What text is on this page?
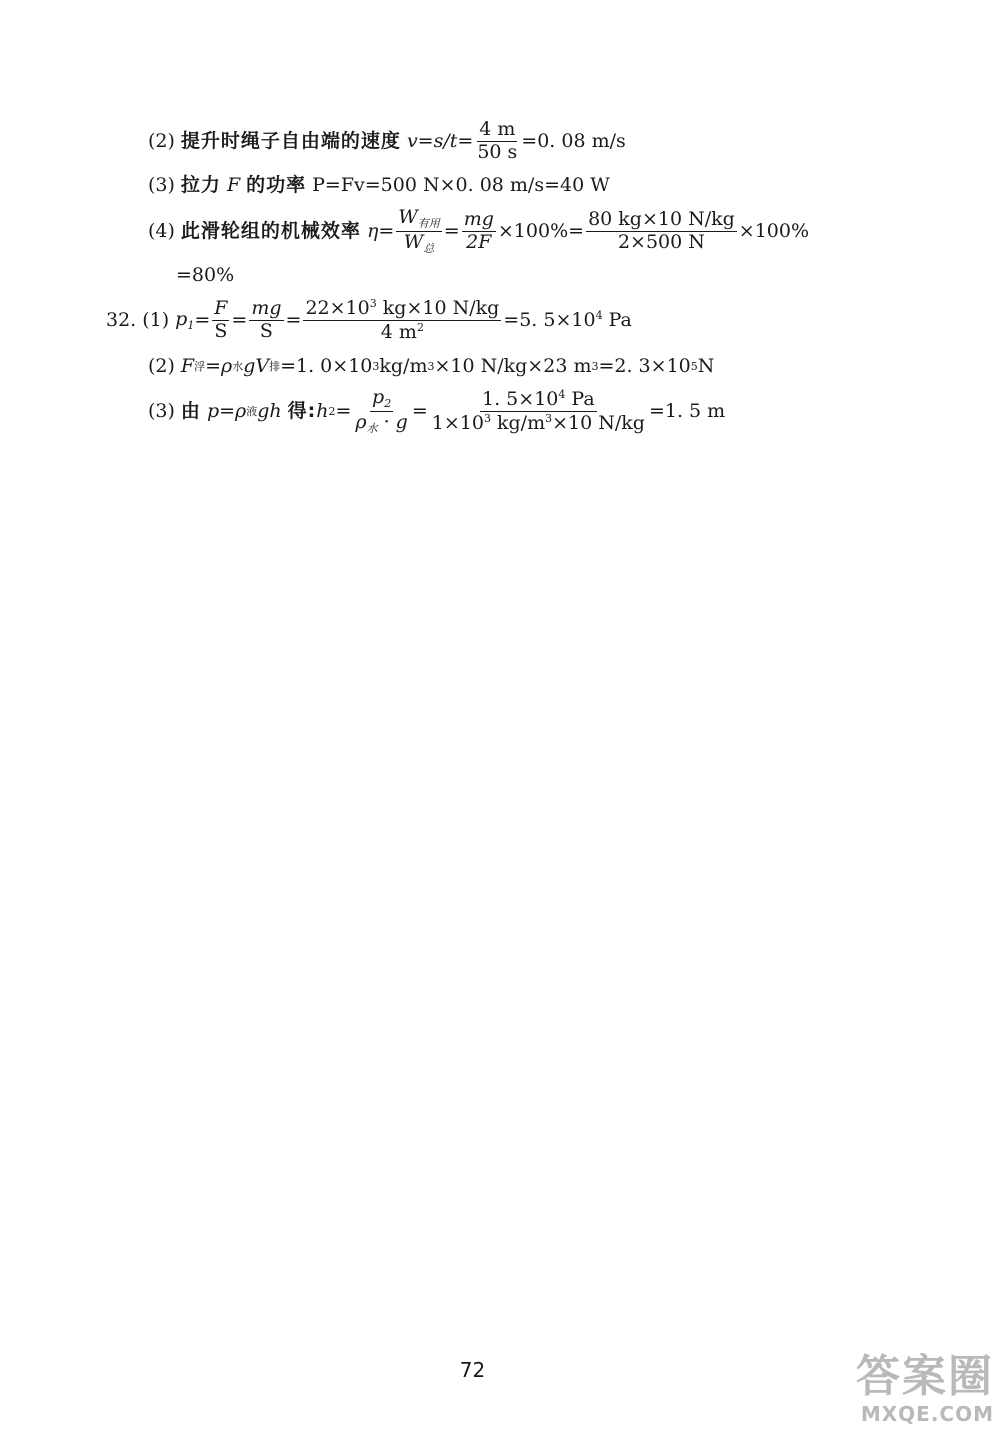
(2) 提升时绳子自由端的速度 $v=s/t= \frac{4 m}{50 s} =0$. 08 m/s
(3) 拉力 F 的功率 P=Fv=500 N×0. 08 m/s=40 W
(4) 此滑轮组的机械效率 $\eta= \frac{W_{有用}}{W_总} = \frac{mg}{2F} \times 100\%= \frac{80 kg\times 10 N/kg}{2\times 500 N} \times 100\%$
=80%
32. (1) $p_1 = \frac{F}{S} = \frac{mg}{S} = \frac{22\times 10^3 kg\times 10 N/kg}{4 m^2} =5$. $5\times 10^4$ Pa
(2) F 浮 =ρ 水 gV 排 =1. 0×10 3 kg/m 3 ×10 N/kg×23 m 3 =2. 3×10 5 N
(3) 由 p=ρ 液 gh 得: h $2 = \frac{p_2}{\rho_水 \cdot g} = \frac{1. 5\times 10^4 Pa}{1\times 10^3 kg/m^3\times 10 N/kg} =1$. 5 m
72	答案圈
MXQE.COM
